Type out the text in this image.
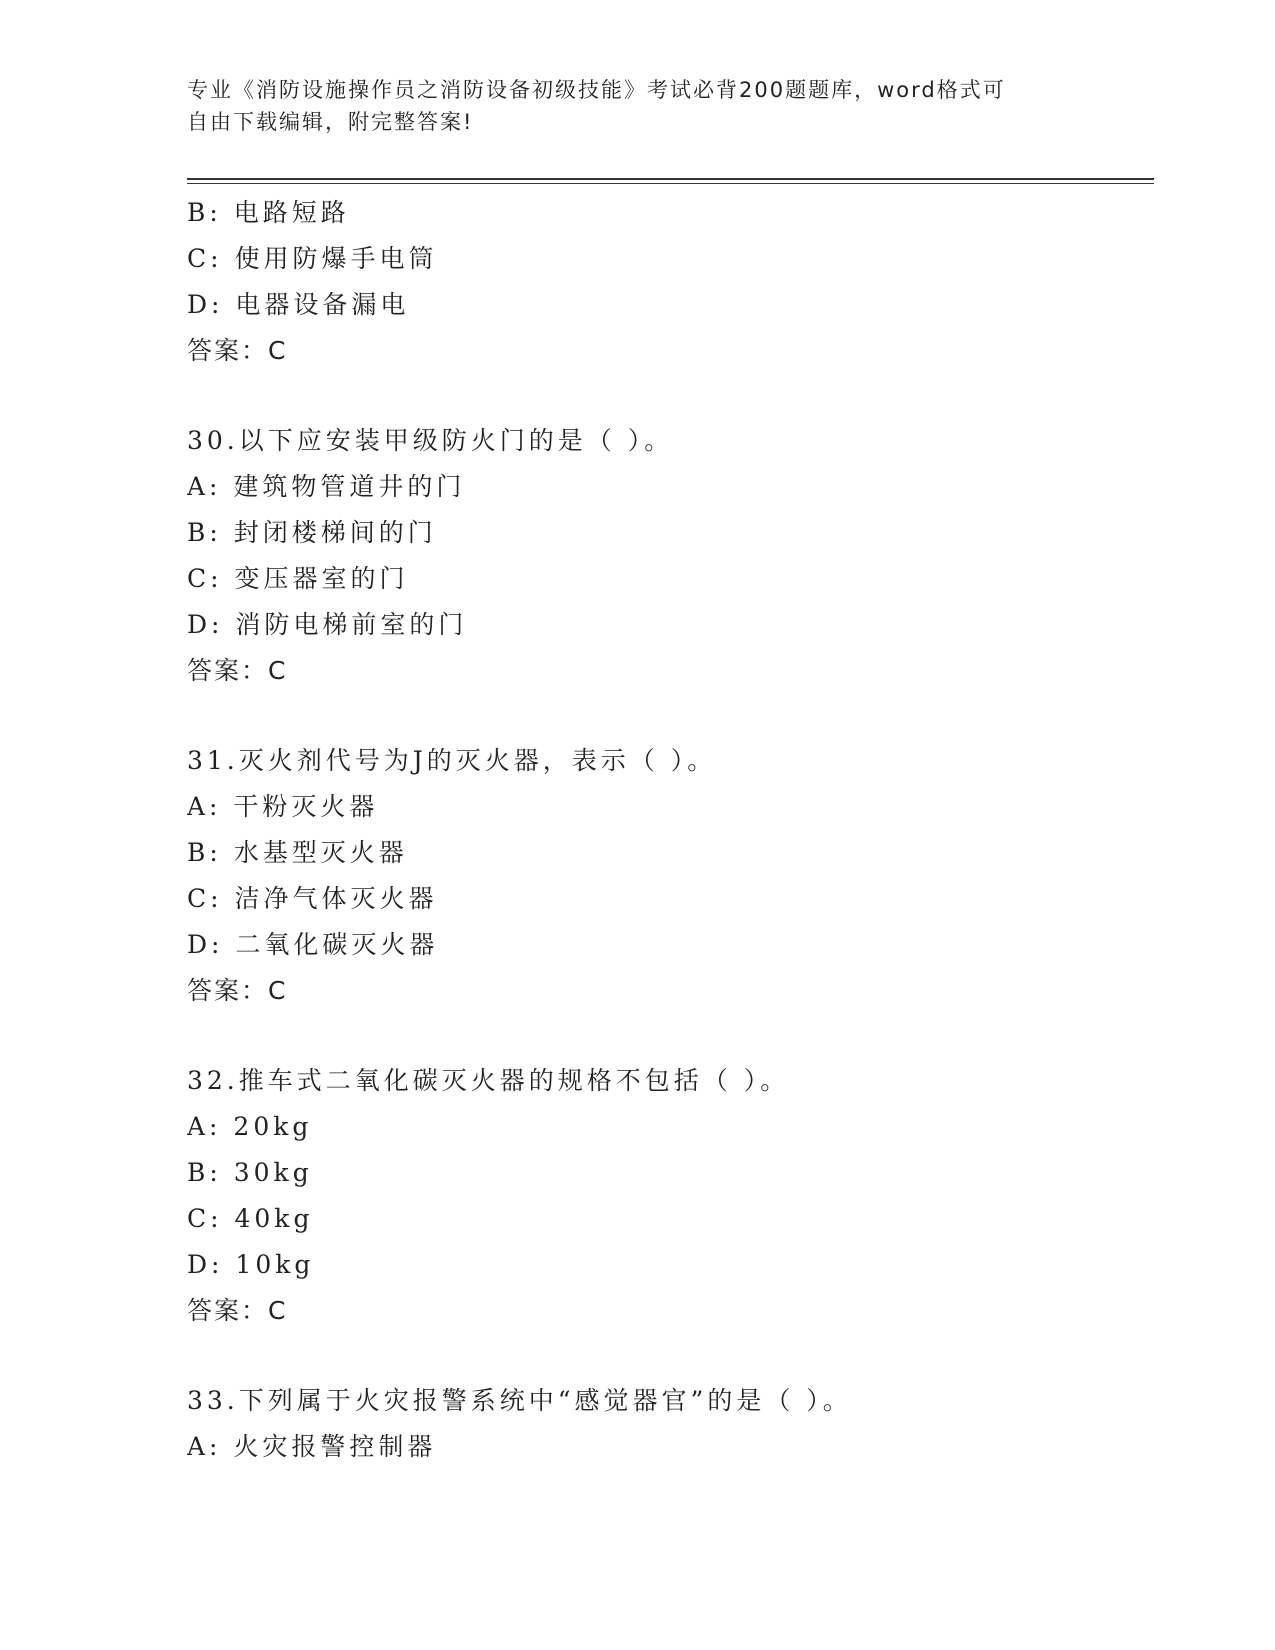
专业《消防设施操作员之消防设备初级技能》考试必背200题题库，word格式可
自由下载编辑，附完整答案!
B: 电路短路
C: 使用防爆手电筒
D: 电器设备漏电
答案：C
30.以下应安装甲级防火门的是（ ）。
A: 建筑物管道井的门
B: 封闭楼梯间的门
C: 变压器室的门
D: 消防电梯前室的门
答案：C
31.灭火剂代号为J的灭火器，表示（ ）。
A: 干粉灭火器
B: 水基型灭火器
C: 洁净气体灭火器
D: 二氧化碳灭火器
答案：C
32.推车式二氧化碳灭火器的规格不包括（ ）。
A: 20kg
B: 30kg
C: 40kg
D: 10kg
答案：C
33.下列属于火灾报警系统中“感觉器官”的是（ ）。
A: 火灾报警控制器
